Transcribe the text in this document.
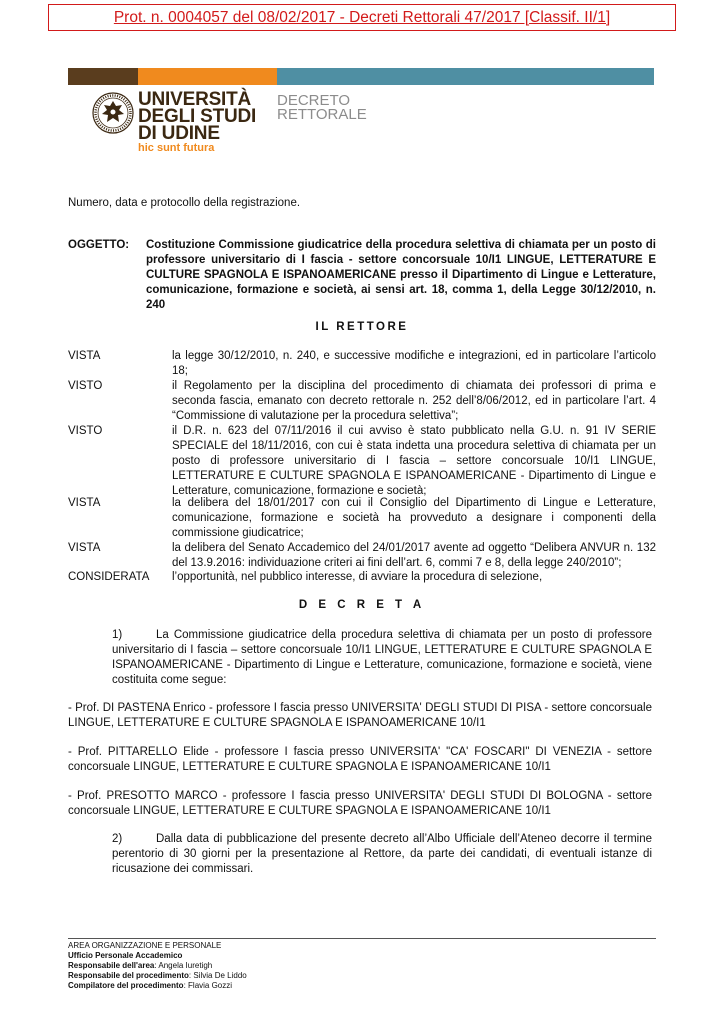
Prot. n. 0004057 del 08/02/2017 - Decreti Rettorali 47/2017 [Classif. II/1]
UNIVERSITÀ
DEGLI STUDI
DI UDINE
hic sunt futura
DECRETO
RETTORALE
Numero, data e protocollo della registrazione.
OGGETTO: Costituzione Commissione giudicatrice della procedura selettiva di chiamata per un posto di professore universitario di I fascia - settore concorsuale 10/I1 LINGUE, LETTERATURE E CULTURE SPAGNOLA E ISPANOAMERICANE presso il Dipartimento di Lingue e Letterature, comunicazione, formazione e società, ai sensi art. 18, comma 1, della Legge 30/12/2010, n. 240
IL RETTORE
VISTA	la legge 30/12/2010, n. 240, e successive modifiche e integrazioni, ed in particolare l’articolo 18;
VISTO	il Regolamento per la disciplina del procedimento di chiamata dei professori di prima e seconda fascia, emanato con decreto rettorale n. 252 dell’8/06/2012, ed in particolare l’art. 4 “Commissione di valutazione per la procedura selettiva”;
VISTO	il D.R. n. 623 del 07/11/2016 il cui avviso è stato pubblicato nella G.U. n. 91 IV SERIE SPECIALE del 18/11/2016, con cui è stata indetta una procedura selettiva di chiamata per un posto di professore universitario di I fascia – settore concorsuale 10/I1 LINGUE, LETTERATURE E CULTURE SPAGNOLA E ISPANOAMERICANE - Dipartimento di Lingue e Letterature, comunicazione, formazione e società;
VISTA	la delibera del 18/01/2017 con cui il Consiglio del Dipartimento di Lingue e Letterature, comunicazione, formazione e società ha provveduto a designare i componenti della commissione giudicatrice;
VISTA	la delibera del Senato Accademico del 24/01/2017 avente ad oggetto “Delibera ANVUR n. 132 del 13.9.2016: individuazione criteri ai fini dell’art. 6, commi 7 e 8, della legge 240/2010”;
CONSIDERATA l’opportunità, nel pubblico interesse, di avviare la procedura di selezione,
D E C R E T A
1)	La Commissione giudicatrice della procedura selettiva di chiamata per un posto di professore universitario di I fascia – settore concorsuale 10/I1 LINGUE, LETTERATURE E CULTURE SPAGNOLA E ISPANOAMERICANE - Dipartimento di Lingue e Letterature, comunicazione, formazione e società, viene costituita come segue:
- Prof. DI PASTENA Enrico - professore I fascia presso UNIVERSITA' DEGLI STUDI DI PISA - settore concorsuale LINGUE, LETTERATURE E CULTURE SPAGNOLA E ISPANOAMERICANE 10/I1
- Prof. PITTARELLO Elide - professore I fascia presso UNIVERSITA' "CA' FOSCARI" DI VENEZIA - settore concorsuale LINGUE, LETTERATURE E CULTURE SPAGNOLA E ISPANOAMERICANE 10/I1
- Prof. PRESOTTO MARCO - professore I fascia presso UNIVERSITA' DEGLI STUDI DI BOLOGNA - settore concorsuale LINGUE, LETTERATURE E CULTURE SPAGNOLA E ISPANOAMERICANE 10/I1
2)	Dalla data di pubblicazione del presente decreto all’Albo Ufficiale dell’Ateneo decorre il termine perentorio di 30 giorni per la presentazione al Rettore, da parte dei candidati, di eventuali istanze di ricusazione dei commissari.
AREA ORGANIZZAZIONE E PERSONALE
Ufficio Personale Accademico
Responsabile dell'area: Angela Iuretigh
Responsabile del procedimento: Silvia De Liddo
Compilatore del procedimento: Flavia Gozzi
